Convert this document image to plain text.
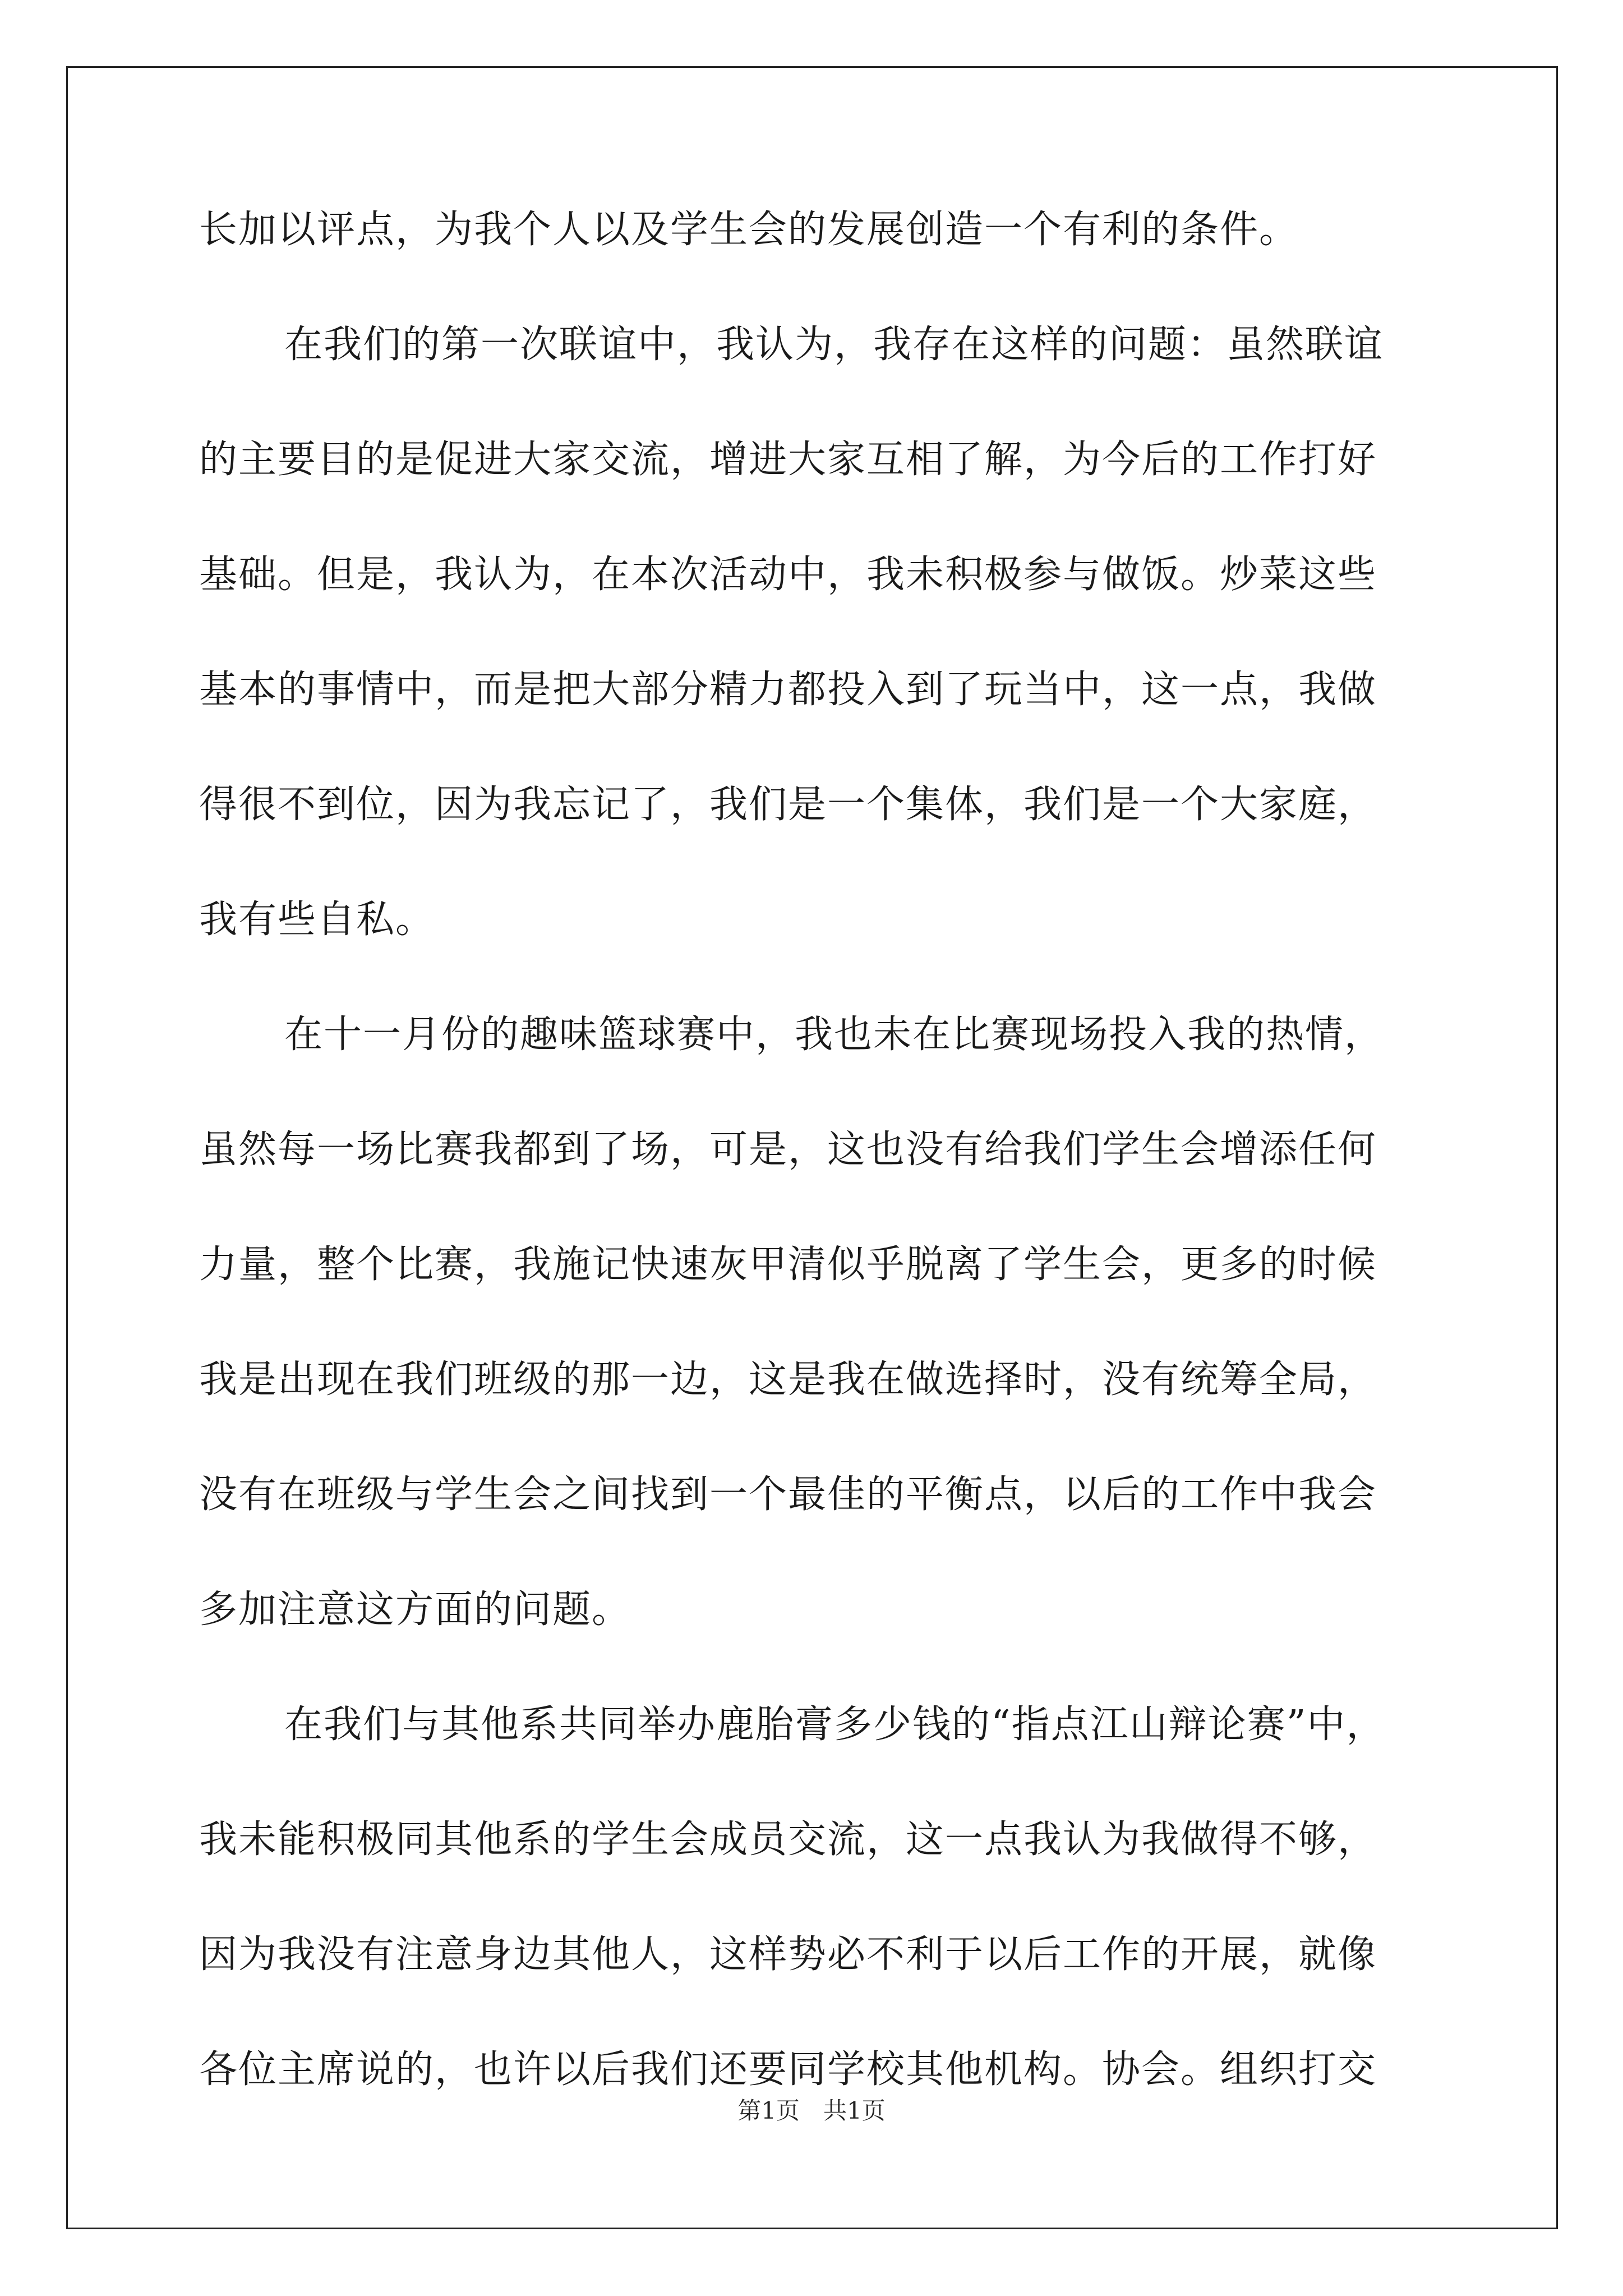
长加以评点，为我个人以及学生会的发展创造一个有利的条件。
在我们的第一次联谊中，我认为，我存在这样的问题：虽然联谊
的主要目的是促进大家交流，增进大家互相了解，为今后的工作打好
基础。但是，我认为，在本次活动中，我未积极参与做饭。炒菜这些
基本的事情中，而是把大部分精力都投入到了玩当中，这一点，我做
得很不到位，因为我忘记了，我们是一个集体，我们是一个大家庭，
我有些自私。
在十一月份的趣味篮球赛中，我也未在比赛现场投入我的热情，
虽然每一场比赛我都到了场，可是，这也没有给我们学生会增添任何
力量，整个比赛，我施记快速灰甲清似乎脱离了学生会，更多的时候
我是出现在我们班级的那一边，这是我在做选择时，没有统筹全局，
没有在班级与学生会之间找到一个最佳的平衡点，以后的工作中我会
多加注意这方面的问题。
在我们与其他系共同举办鹿胎膏多少钱的“指点江山辩论赛”中，
我未能积极同其他系的学生会成员交流，这一点我认为我做得不够，
因为我没有注意身边其他人，这样势必不利于以后工作的开展，就像
各位主席说的，也许以后我们还要同学校其他机构。协会。组织打交
第1页　共1页
